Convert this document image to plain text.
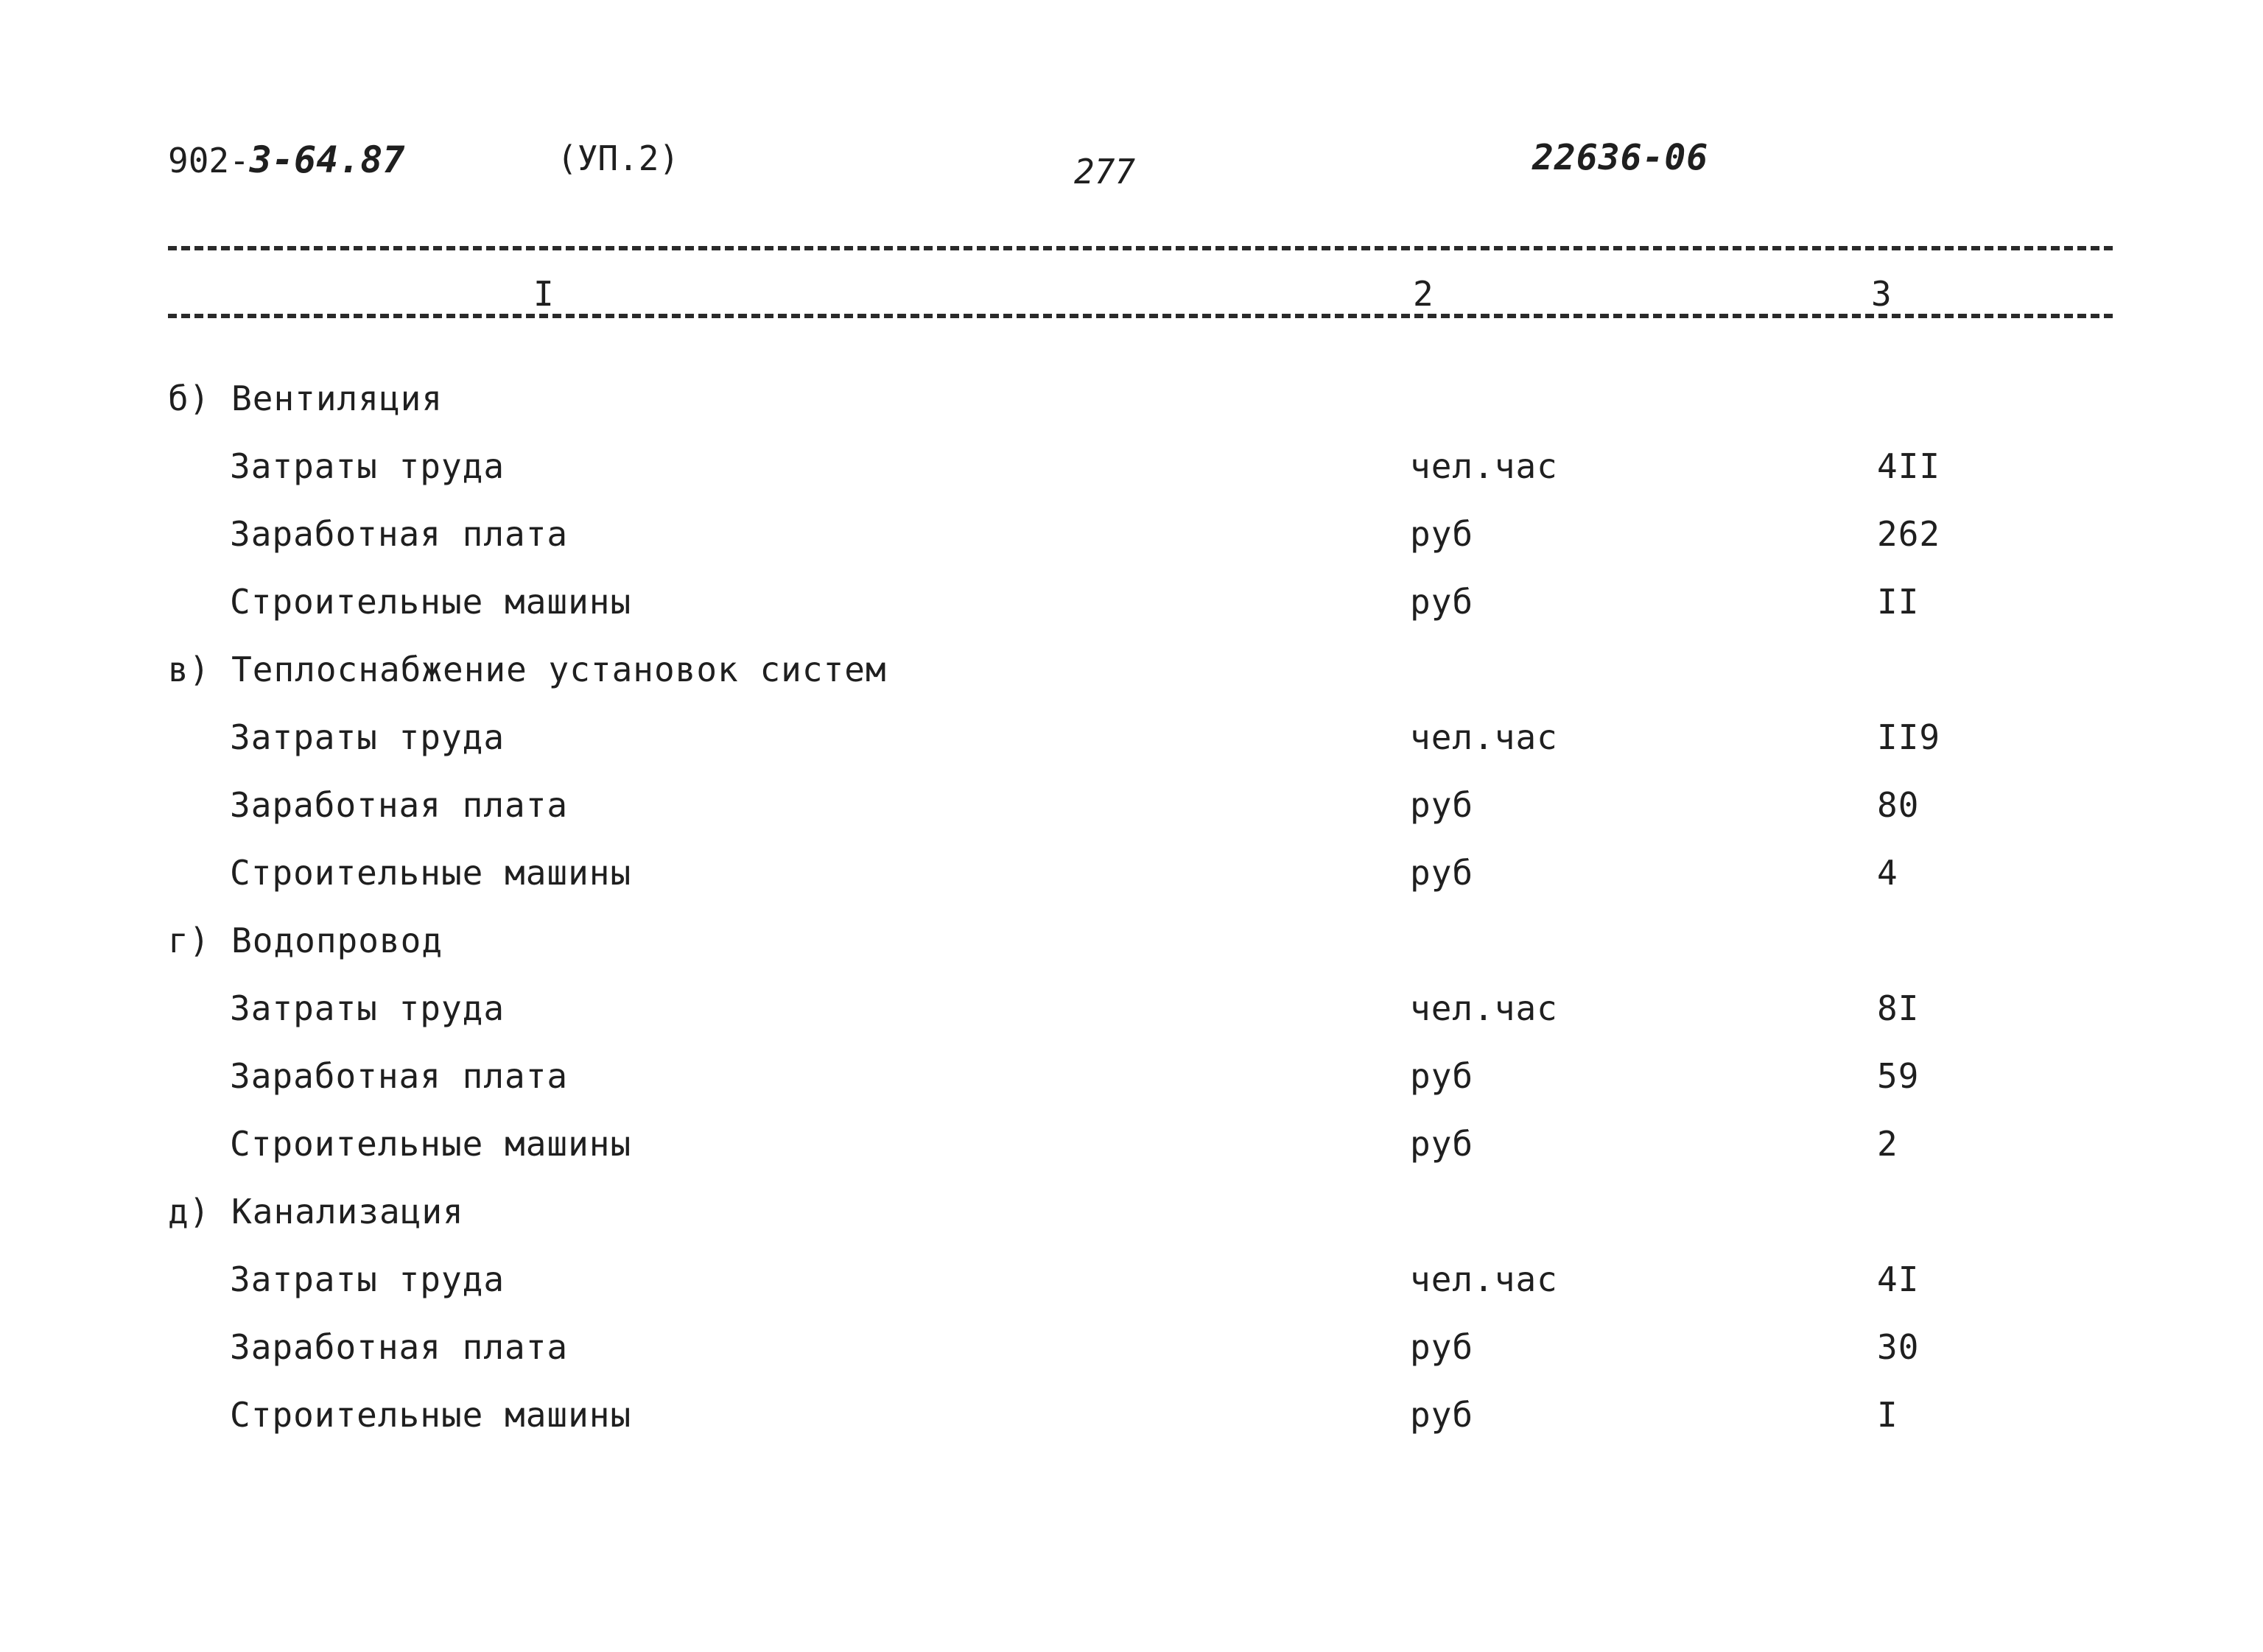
902-3-64.87	(УП.2)	277	22636-06
I	2	3
б) Вентиляция
Затраты труда	чел.час	4II
Заработная плата	руб	262
Строительные машины	руб	II
в) Теплоснабжение установок систем
Затраты труда	чел.час	II9
Заработная плата	руб	80
Строительные машины	руб	4
г) Водопровод
Затраты труда	чел.час	8I
Заработная плата	руб	59
Строительные машины	руб	2
д) Канализация
Затраты труда	чел.час	4I
Заработная плата	руб	30
Строительные машины	руб	I
